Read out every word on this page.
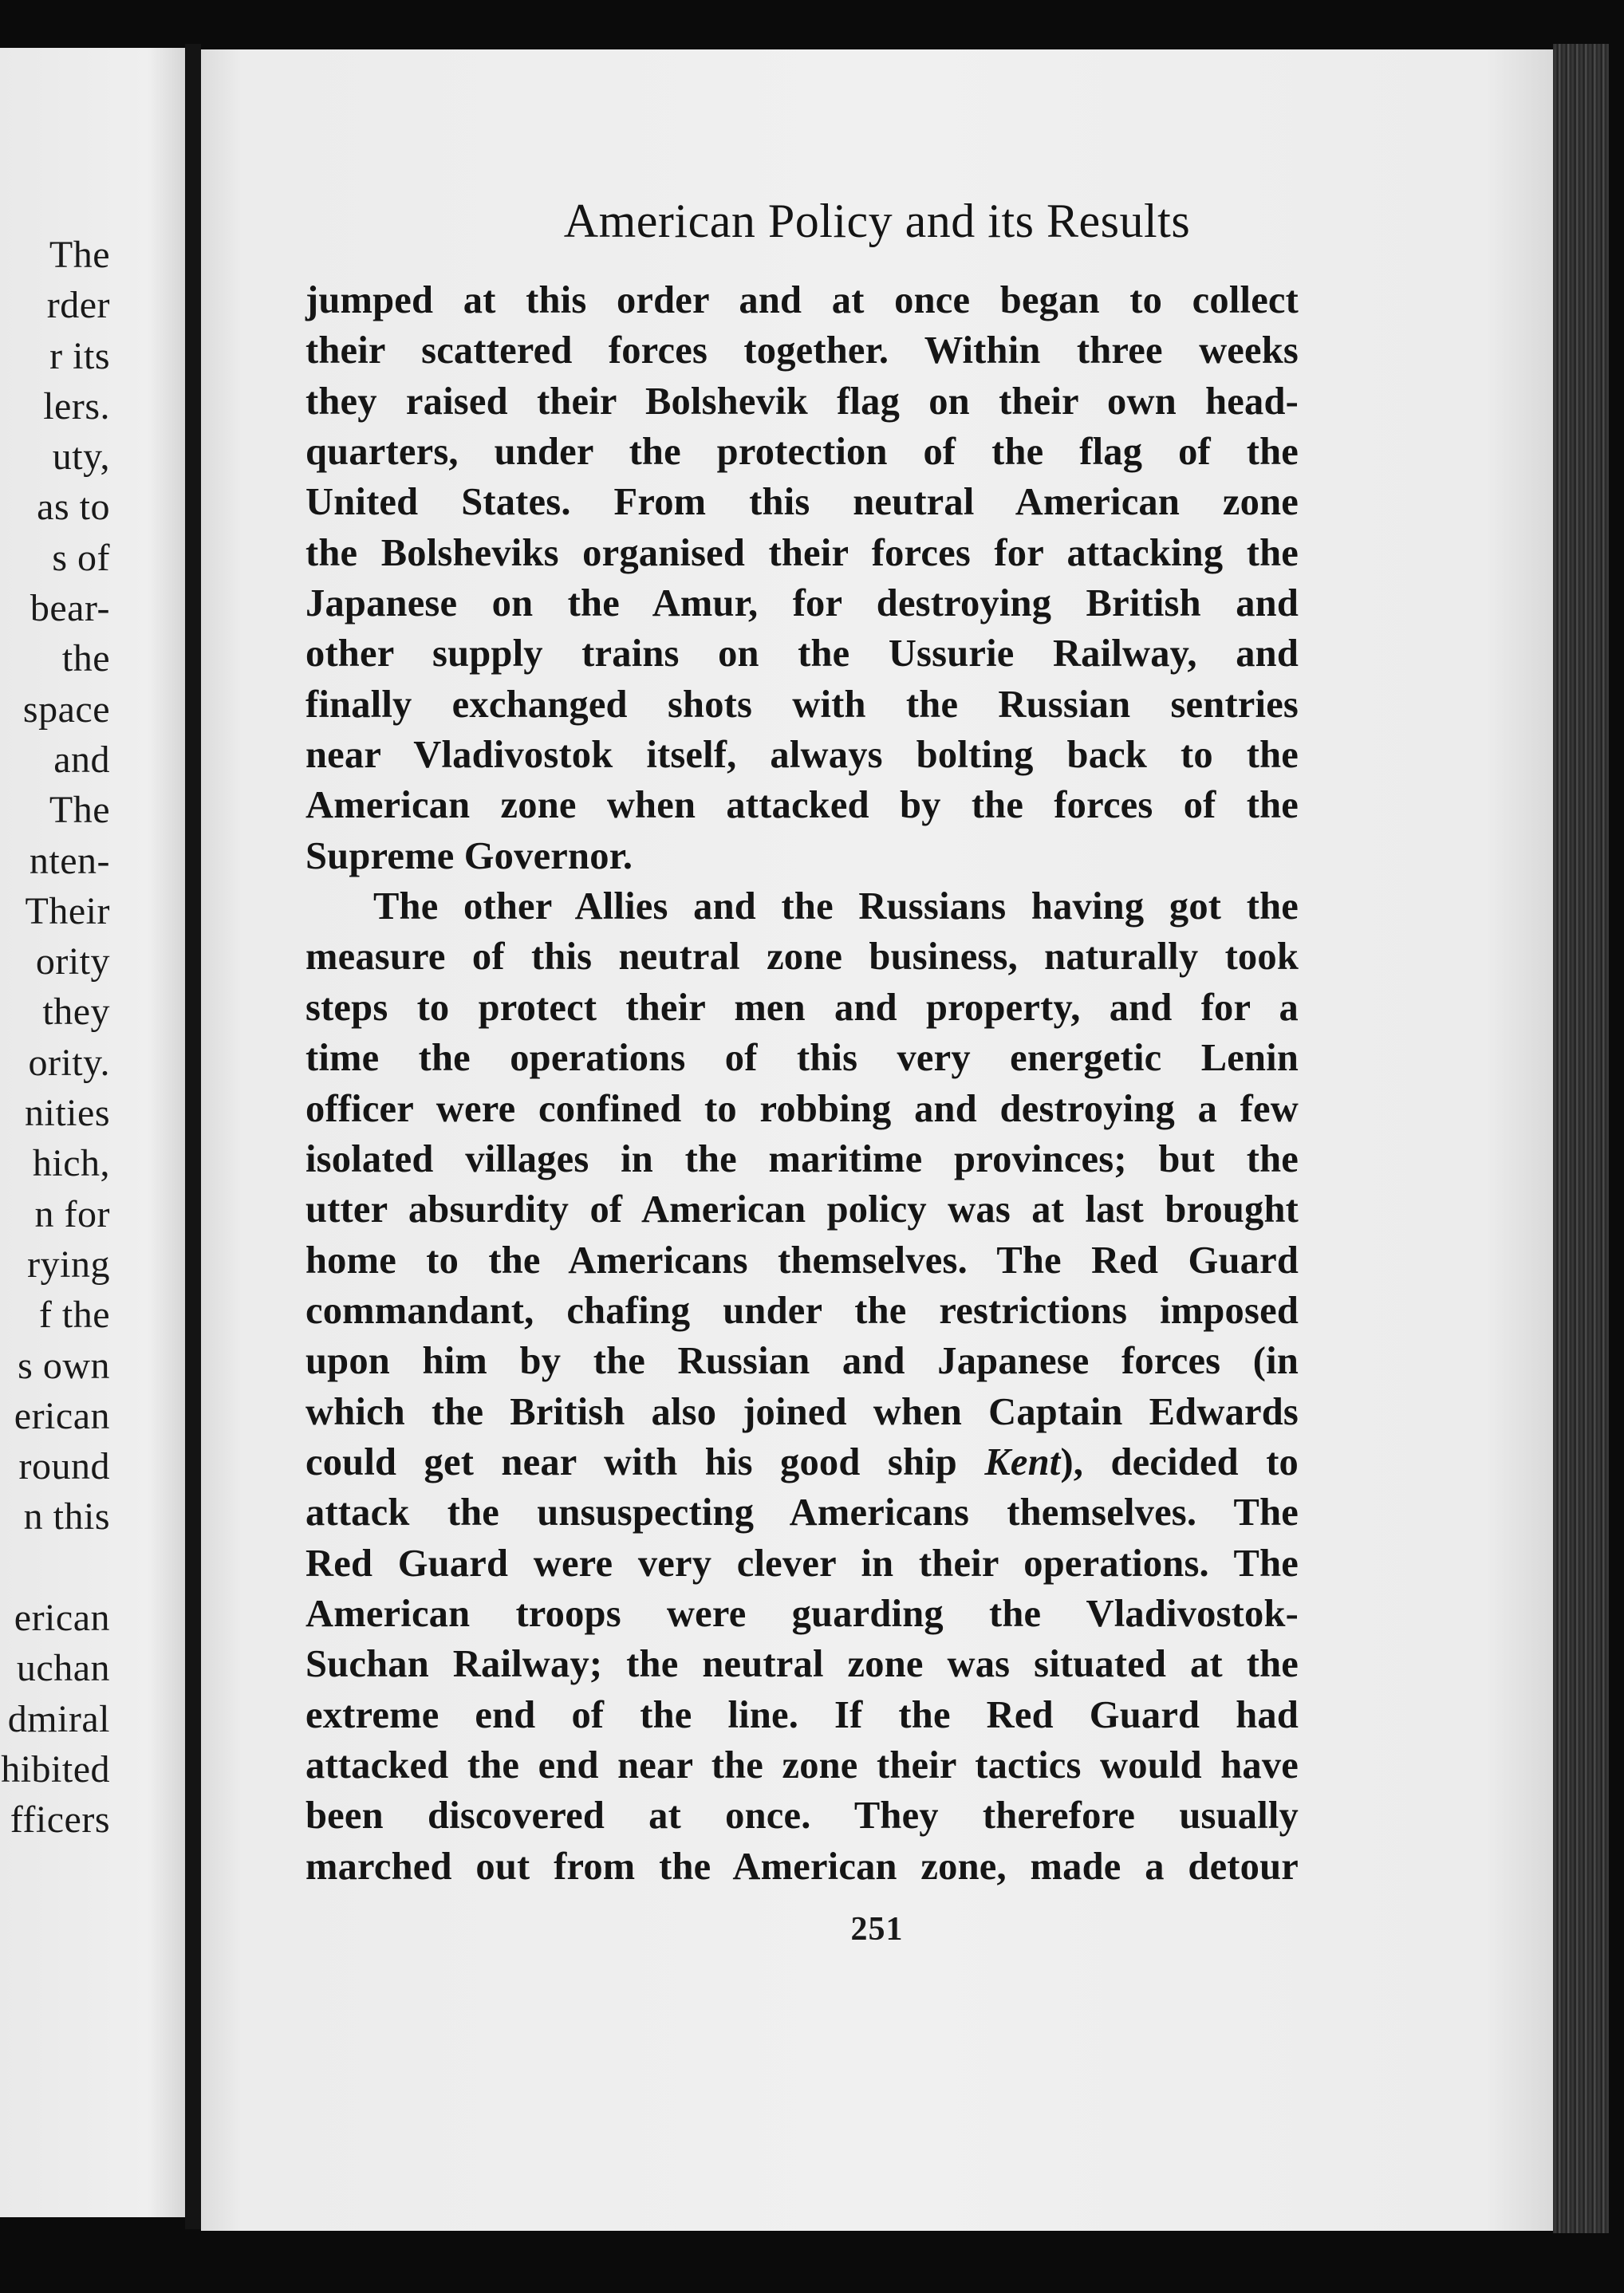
The
rder
r its
lers.
uty,
as to
s of
bear-
the
space
and
The
nten-
Their
ority
they
ority.
nities
hich,
n for
rying
f the
s own
erican
round
n this

erican
uchan
dmiral
hibited
fficers
American Policy and its Results
jumped at this order and at once began to collect
their scattered forces together. Within three weeks
they raised their Bolshevik flag on their own head-
quarters, under the protection of the flag of the
United States. From this neutral American zone
the Bolsheviks organised their forces for attacking the
Japanese on the Amur, for destroying British and
other supply trains on the Ussurie Railway, and
finally exchanged shots with the Russian sentries
near Vladivostok itself, always bolting back to the
American zone when attacked by the forces of the
Supreme Governor.
The other Allies and the Russians having got the
measure of this neutral zone business, naturally took
steps to protect their men and property, and for a
time the operations of this very energetic Lenin
officer were confined to robbing and destroying a few
isolated villages in the maritime provinces; but the
utter absurdity of American policy was at last brought
home to the Americans themselves. The Red Guard
commandant, chafing under the restrictions imposed
upon him by the Russian and Japanese forces (in
which the British also joined when Captain Edwards
could get near with his good ship Kent), decided to
attack the unsuspecting Americans themselves. The
Red Guard were very clever in their operations. The
American troops were guarding the Vladivostok-
Suchan Railway; the neutral zone was situated at the
extreme end of the line. If the Red Guard had
attacked the end near the zone their tactics would have
been discovered at once. They therefore usually
marched out from the American zone, made a detour
251
